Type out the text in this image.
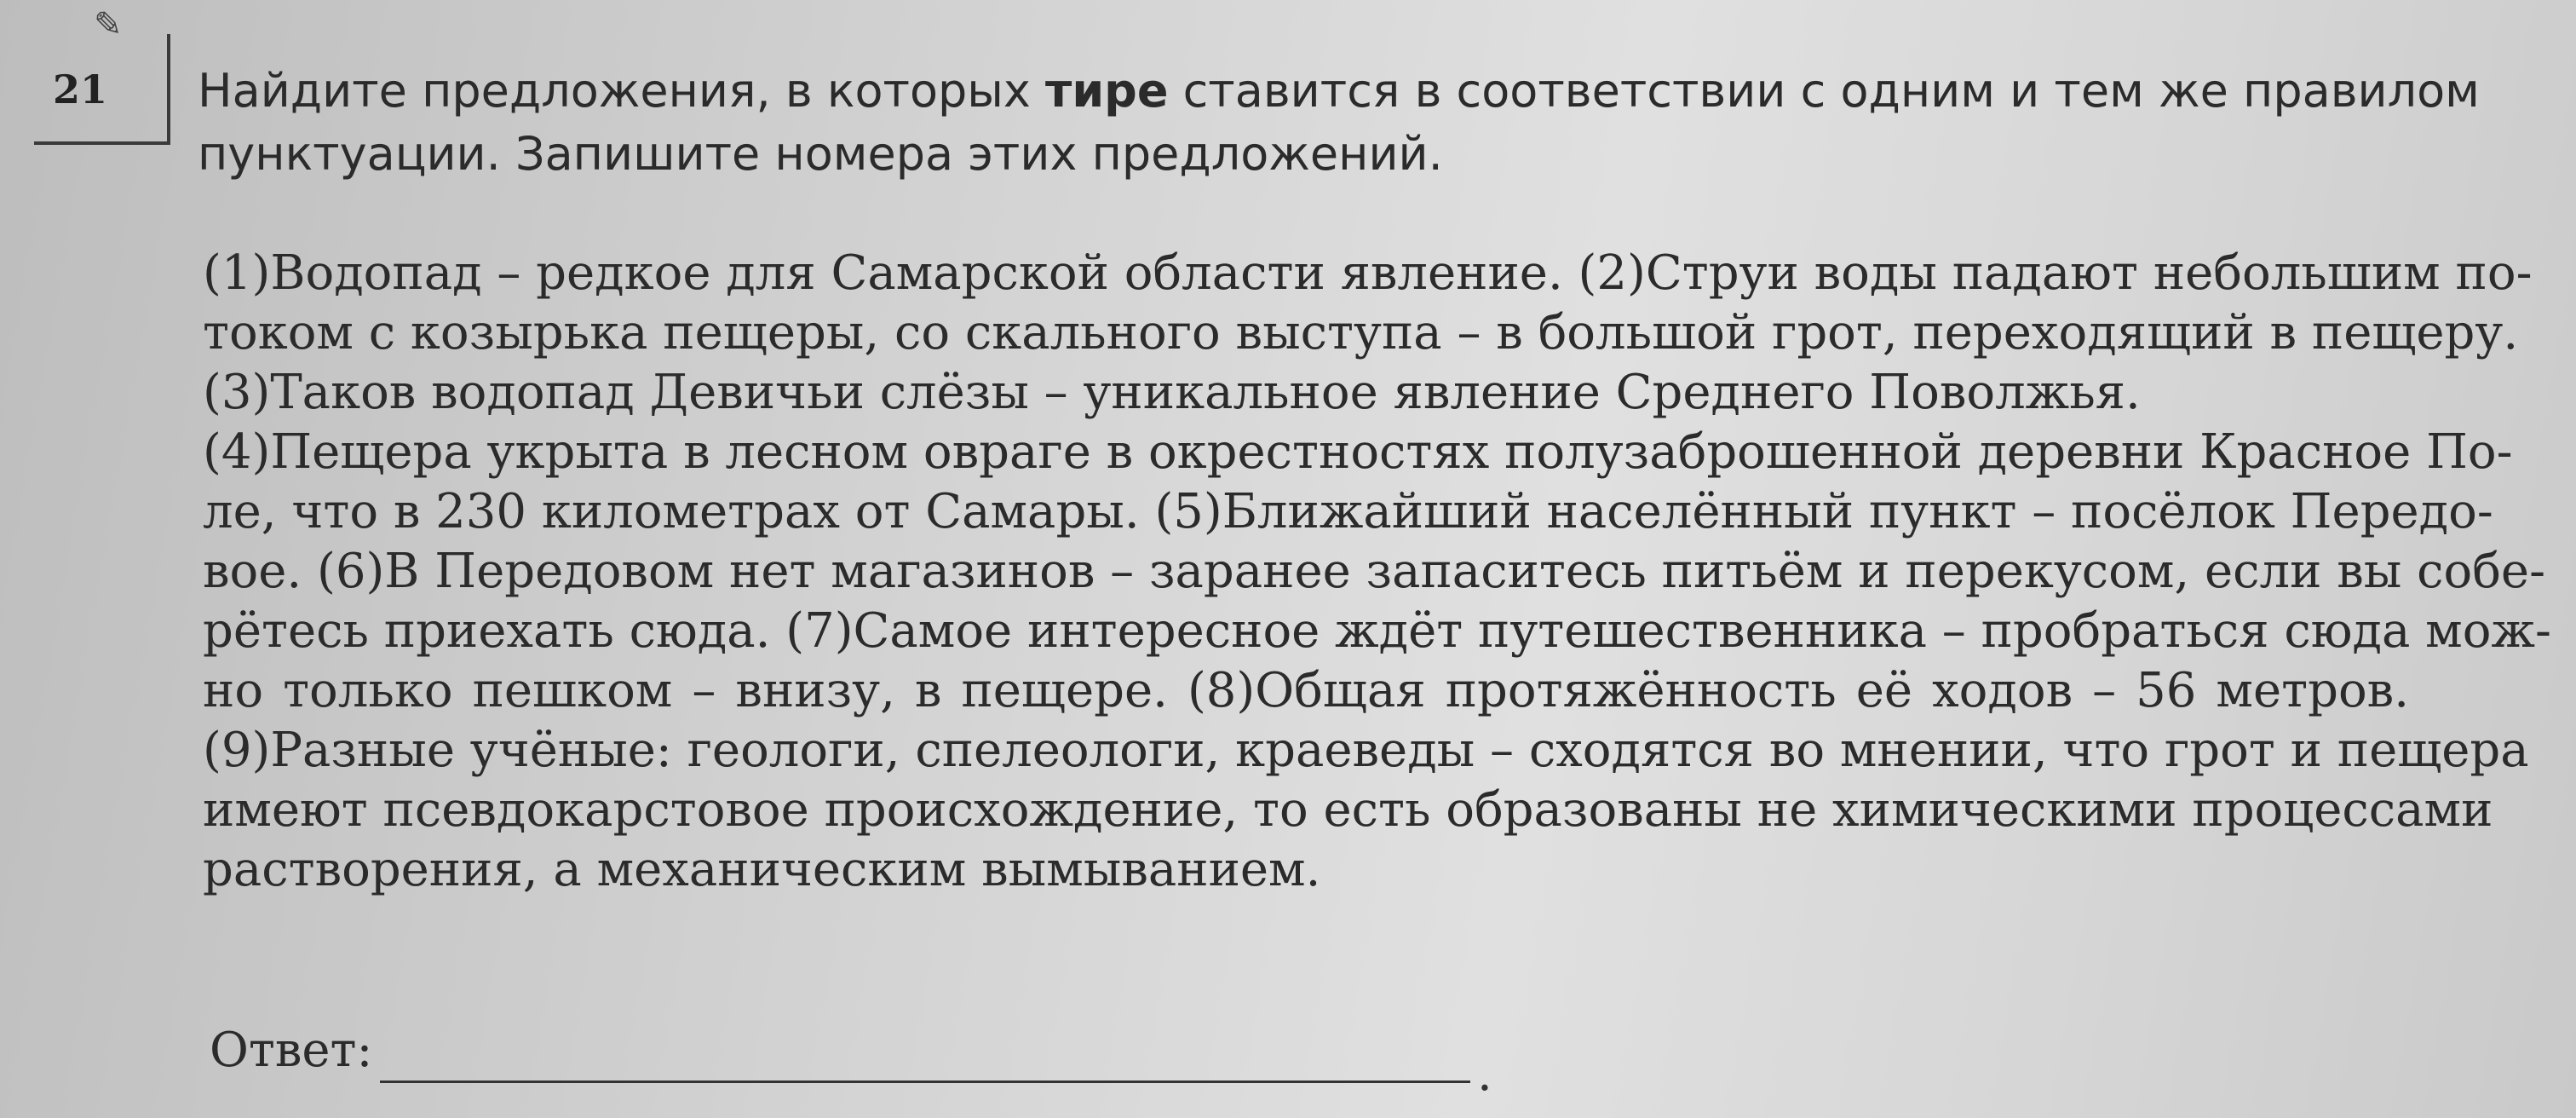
✎
21 Найдите предложения, в которых тире ставится в соответствии с одним и тем же правилом пунктуации. Запишите номера этих предложений.
(1)Водопад – редкое для Самарской области явление. (2)Струи воды падают небольшим по-
током с козырька пещеры, со скального выступа – в большой грот, переходящий в пещеру.
(3)Таков водопад Девичьи слёзы – уникальное явление Среднего Поволжья.
(4)Пещера укрыта в лесном овраге в окрестностях полузаброшенной деревни Красное По-
ле, что в 230 километрах от Самары. (5)Ближайший населённый пункт – посёлок Передо-
вое. (6)В Передовом нет магазинов – заранее запаситесь питьём и перекусом, если вы собе-
рётесь приехать сюда. (7)Самое интересное ждёт путешественника – пробраться сюда мож-
но только пешком – внизу, в пещере. (8)Общая протяжённость её ходов – 56 метров.
(9)Разные учёные: геологи, спелеологи, краеведы – сходятся во мнении, что грот и пещера
имеют псевдокарстовое происхождение, то есть образованы не химическими процессами
растворения, а механическим вымыванием.
Ответ:	.
